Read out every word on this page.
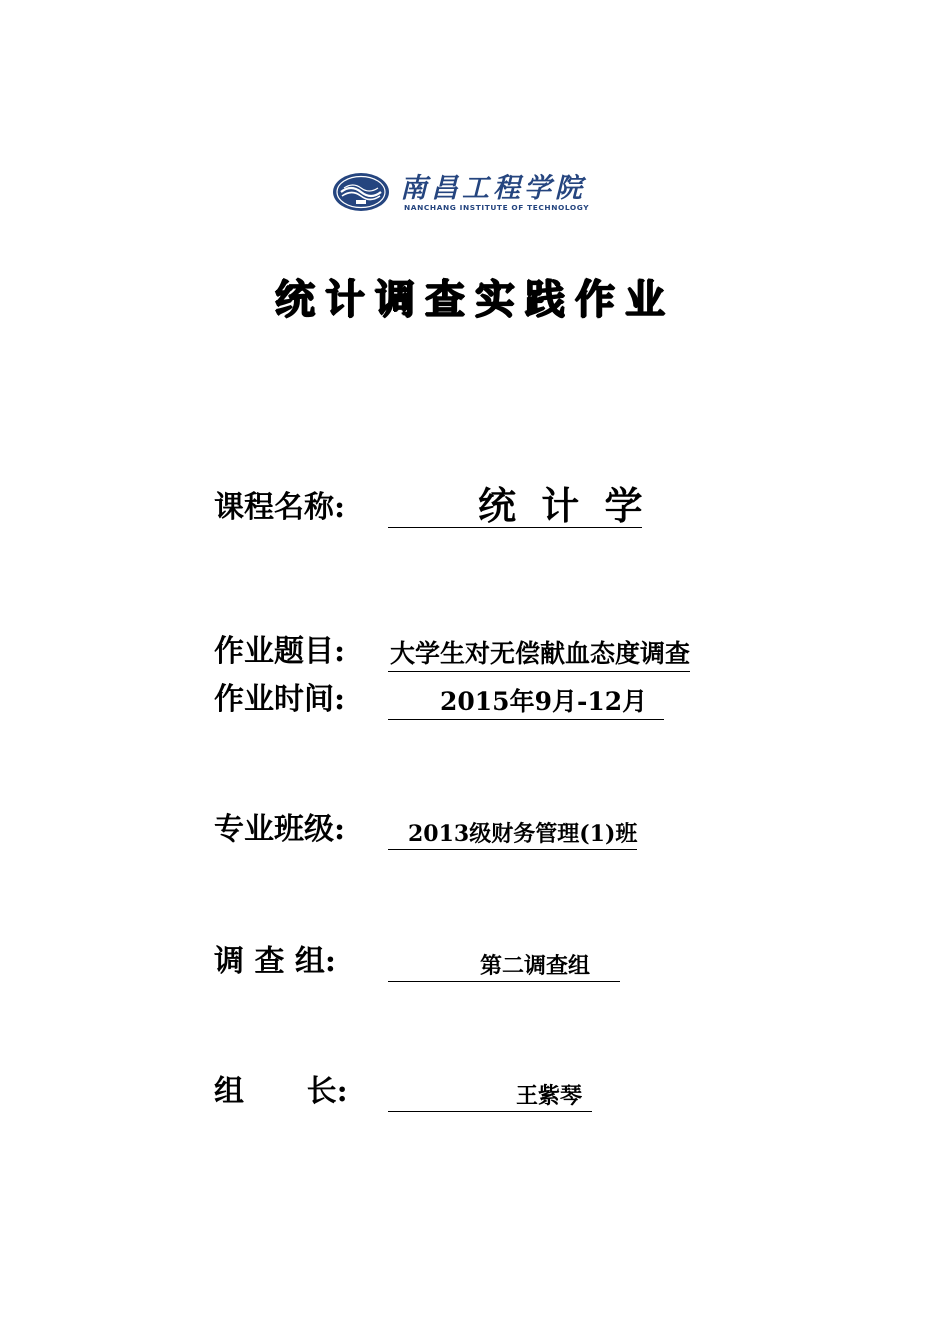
南昌工程学院
NANCHANG INSTITUTE OF TECHNOLOGY
统计调查实践作业
课程名称:	统 计 学
作业题目: 大学生对无偿献血态度调查
作业时间:	2015年9月-12月
专业班级:	2013级财务管理(1)班
调 查 组:	第二调查组
组      长:	王紫琴
